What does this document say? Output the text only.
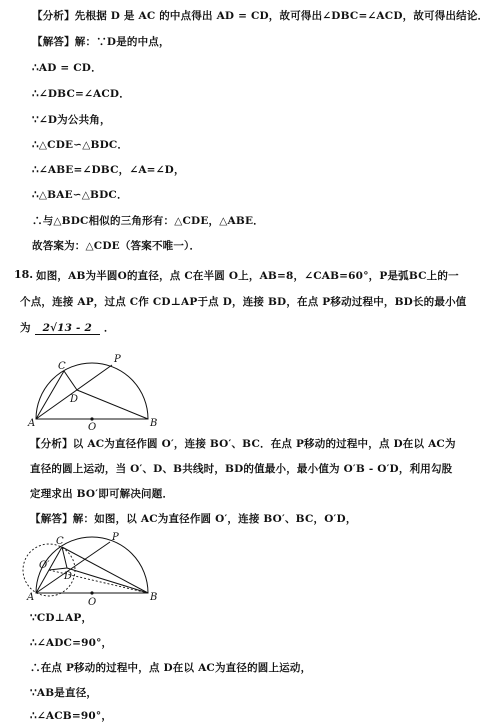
【分析】先根据 D 是 AC 的中点得出 AD = CD，故可得出∠DBC=∠ACD，故可得出结论．
【解答】解：∵D是的中点，
∴AD = CD．
∴∠DBC=∠ACD．
∵∠D为公共角，
∴△CDE∽△BDC．
∴∠ABE=∠DBC，∠A=∠D，
∴△BAE∽△BDC．
∴与△BDC相似的三角形有：△CDE，△ABE．
故答案为：△CDE（答案不唯一）．
18. 如图，AB为半圆O的直径，点 C在半圆 O上，AB=8，∠CAB=60°，P是弧BC上的一
个点，连接 AP，过点 C作 CD⊥AP于点 D，连接 BD，在点 P移动过程中，BD长的最小值
为 2√13 - 2 ．
C
P
D
A	B
O
【分析】以 AC为直径作圆 O′，连接 BO′、BC．在点 P移动的过程中，点 D在以 AC为
直径的圆上运动，当 O′、D、B共线时，BD的值最小，最小值为 O′B - O′D，利用勾股
定理求出 BO′即可解决问题．
【解答】解：如图，以 AC为直径作圆 O′，连接 BO′、BC，O′D，
C	P
O′
D
A	B
O
∵CD⊥AP，
∴∠ADC=90°，
∴在点 P移动的过程中，点 D在以 AC为直径的圆上运动，
∵AB是直径，
∴∠ACB=90°，
